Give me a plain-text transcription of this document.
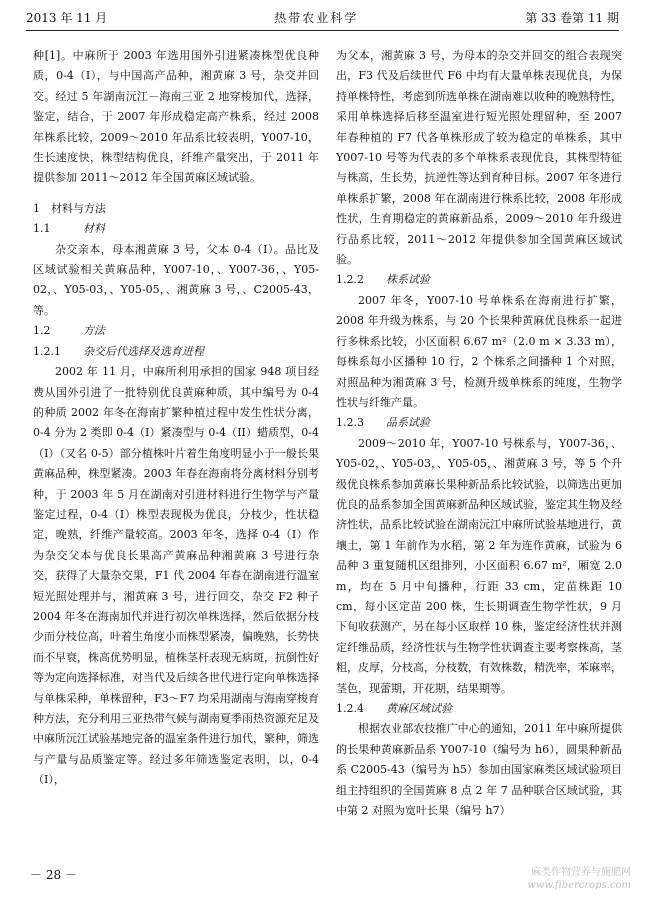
2013 年 11 月	热带农业科学	第 33 卷第 11 期

种[1]。中麻所于 2003 年选用国外引进紧凑株型优良种质，0-4（I），与中国高产品种，湘黄麻 3 号，杂交并回交。经过 5 年湖南沅江－海南三亚 2 地穿梭加代，选择，鉴定，结合，于 2007 年形成稳定高产株系，经过 2008 年株系比较，2009～2010 年品系比较表明，Y007-10，生长速度快，株型结构优良，纤维产量突出，于 2011 年提供参加 2011～2012 年全国黄麻区域试验。

1　材料与方法

1.1	材料

杂交亲本，母本湘黄麻 3 号，父本 0-4（I）。品比及区域试验相关黄麻品种，Y007-10，、Y007-36，、Y05-02，、Y05-03，、Y05-05，、湘黄麻 3 号，、C2005-43，等。

1.2	方法

1.2.1 杂交后代选择及选育进程

2002 年 11 月，中麻所利用承担的国家 948 项目经费从国外引进了一批特别优良黄麻种质，其中编号为 0-4 的种质 2002 年冬在海南扩繁种植过程中发生性状分离，0-4 分为 2 类即 0-4（I）紧凑型与 0-4（II）蜡质型，0-4（I）（又名 0-5）部分植株叶片着生角度明显小于一般长果黄麻品种，株型紧凑。2003 年春在海南将分离材料分别考种，于 2003 年 5 月在湖南对引进材料进行生物学与产量鉴定过程，0-4（I）株型表现极为优良，分枝少，性状稳定，晚熟，纤维产量较高。2003 年冬，选择 0-4（I）作为杂交父本与优良长果高产黄麻品种湘黄麻 3 号进行杂交，获得了大量杂交果，F1 代 2004 年春在湖南进行温室短光照处理并与，湘黄麻 3 号，进行回交，杂交 F2 种子 2004 年冬在海南加代并进行初次单株选择，然后依据分枝少而分枝位高，叶着生角度小而株型紧凑，偏晚熟，长势快而不早衰，株高优势明显，植株茎杆表现无病斑，抗倒性好等为定向选择标准，对当代及后续各世代进行定向单株选择与单株采种，单株留种，F3～F7 均采用湖南与海南穿梭育种方法，充分利用三亚热带气候与湖南夏季雨热资源充足及中麻所沅江试验基地完备的温室条件进行加代，繁种，筛选与产量与品质鉴定等。经过多年筛选鉴定表明，以，0-4（I），

为父本，湘黄麻 3 号，为母本的杂交并回交的组合表现突出，F3 代及后续世代 F6 中均有大量单株表现优良，为保持单株特性，考虑到所选单株在湖南难以收种的晚熟特性，采用单株选择后移至温室进行短光照处理留种，至 2007 年春种植的 F7 代各单株形成了较为稳定的单株系，其中 Y007-10 号等为代表的多个单株系表现优良，其株型特征与株高，生长势，抗逆性等达到育种目标。2007 年冬进行单株系扩繁，2008 年在湖南进行株系比较，2008 年形成性状，生育期稳定的黄麻新品系，2009～2010 年升级进行品系比较，2011～2012 年提供参加全国黄麻区域试验。

1.2.2 株系试验

2007 年冬，Y007-10 号单株系在海南进行扩繁，2008 年升级为株系，与 20 个长果种黄麻优良株系一起进行多株系比较，小区面积 6.67 m²（2.0 m × 3.33 m），每株系每小区播种 10 行，2 个株系之间播种 1 个对照，对照品种为湘黄麻 3 号，检测升级单株系的纯度，生物学性状与纤维产量。

1.2.3 品系试验

2009～2010 年，Y007-10 号株系与，Y007-36，、Y05-02，、Y05-03，、Y05-05，、湘黄麻 3 号，等 5 个升级优良株系参加黄麻长果种新品系比较试验，以筛选出更加优良的品系参加全国黄麻新品种区域试验，鉴定其生物及经济性状，品系比较试验在湖南沅江中麻所试验基地进行，黄壤土，第 1 年前作为水稻，第 2 年为连作黄麻，试验为 6 品种 3 重复随机区组排列，小区面积 6.67 m²，厢宽 2.0 m，均在 5 月中旬播种，行距 33 cm，定苗株距 10 cm，每小区定苗 200 株，生长期调查生物学性状，9 月下旬收获测产，另在每小区取样 10 株，鉴定经济性状并测定纤维品质，经济性状与生物学性状调查主要考察株高，茎粗，皮厚，分枝高，分枝数，有效株数，精洗率，苯麻率，茎色，现蕾期，开花期，结果期等。

1.2.4 黄麻区域试验

根据农业部农技推广中心的通知，2011 年中麻所提供的长果种黄麻新品系 Y007-10（编号为 h6），圆果种新品系 C2005-43（编号为 h5）参加由国家麻类区域试验项目组主持组织的全国黄麻 8 点 2 年 7 品种联合区域试验，其中第 2 对照为宽叶长果（编号 h7）

－ 28 －	麻类作物营养与施肥网
www.fibercrops.com
